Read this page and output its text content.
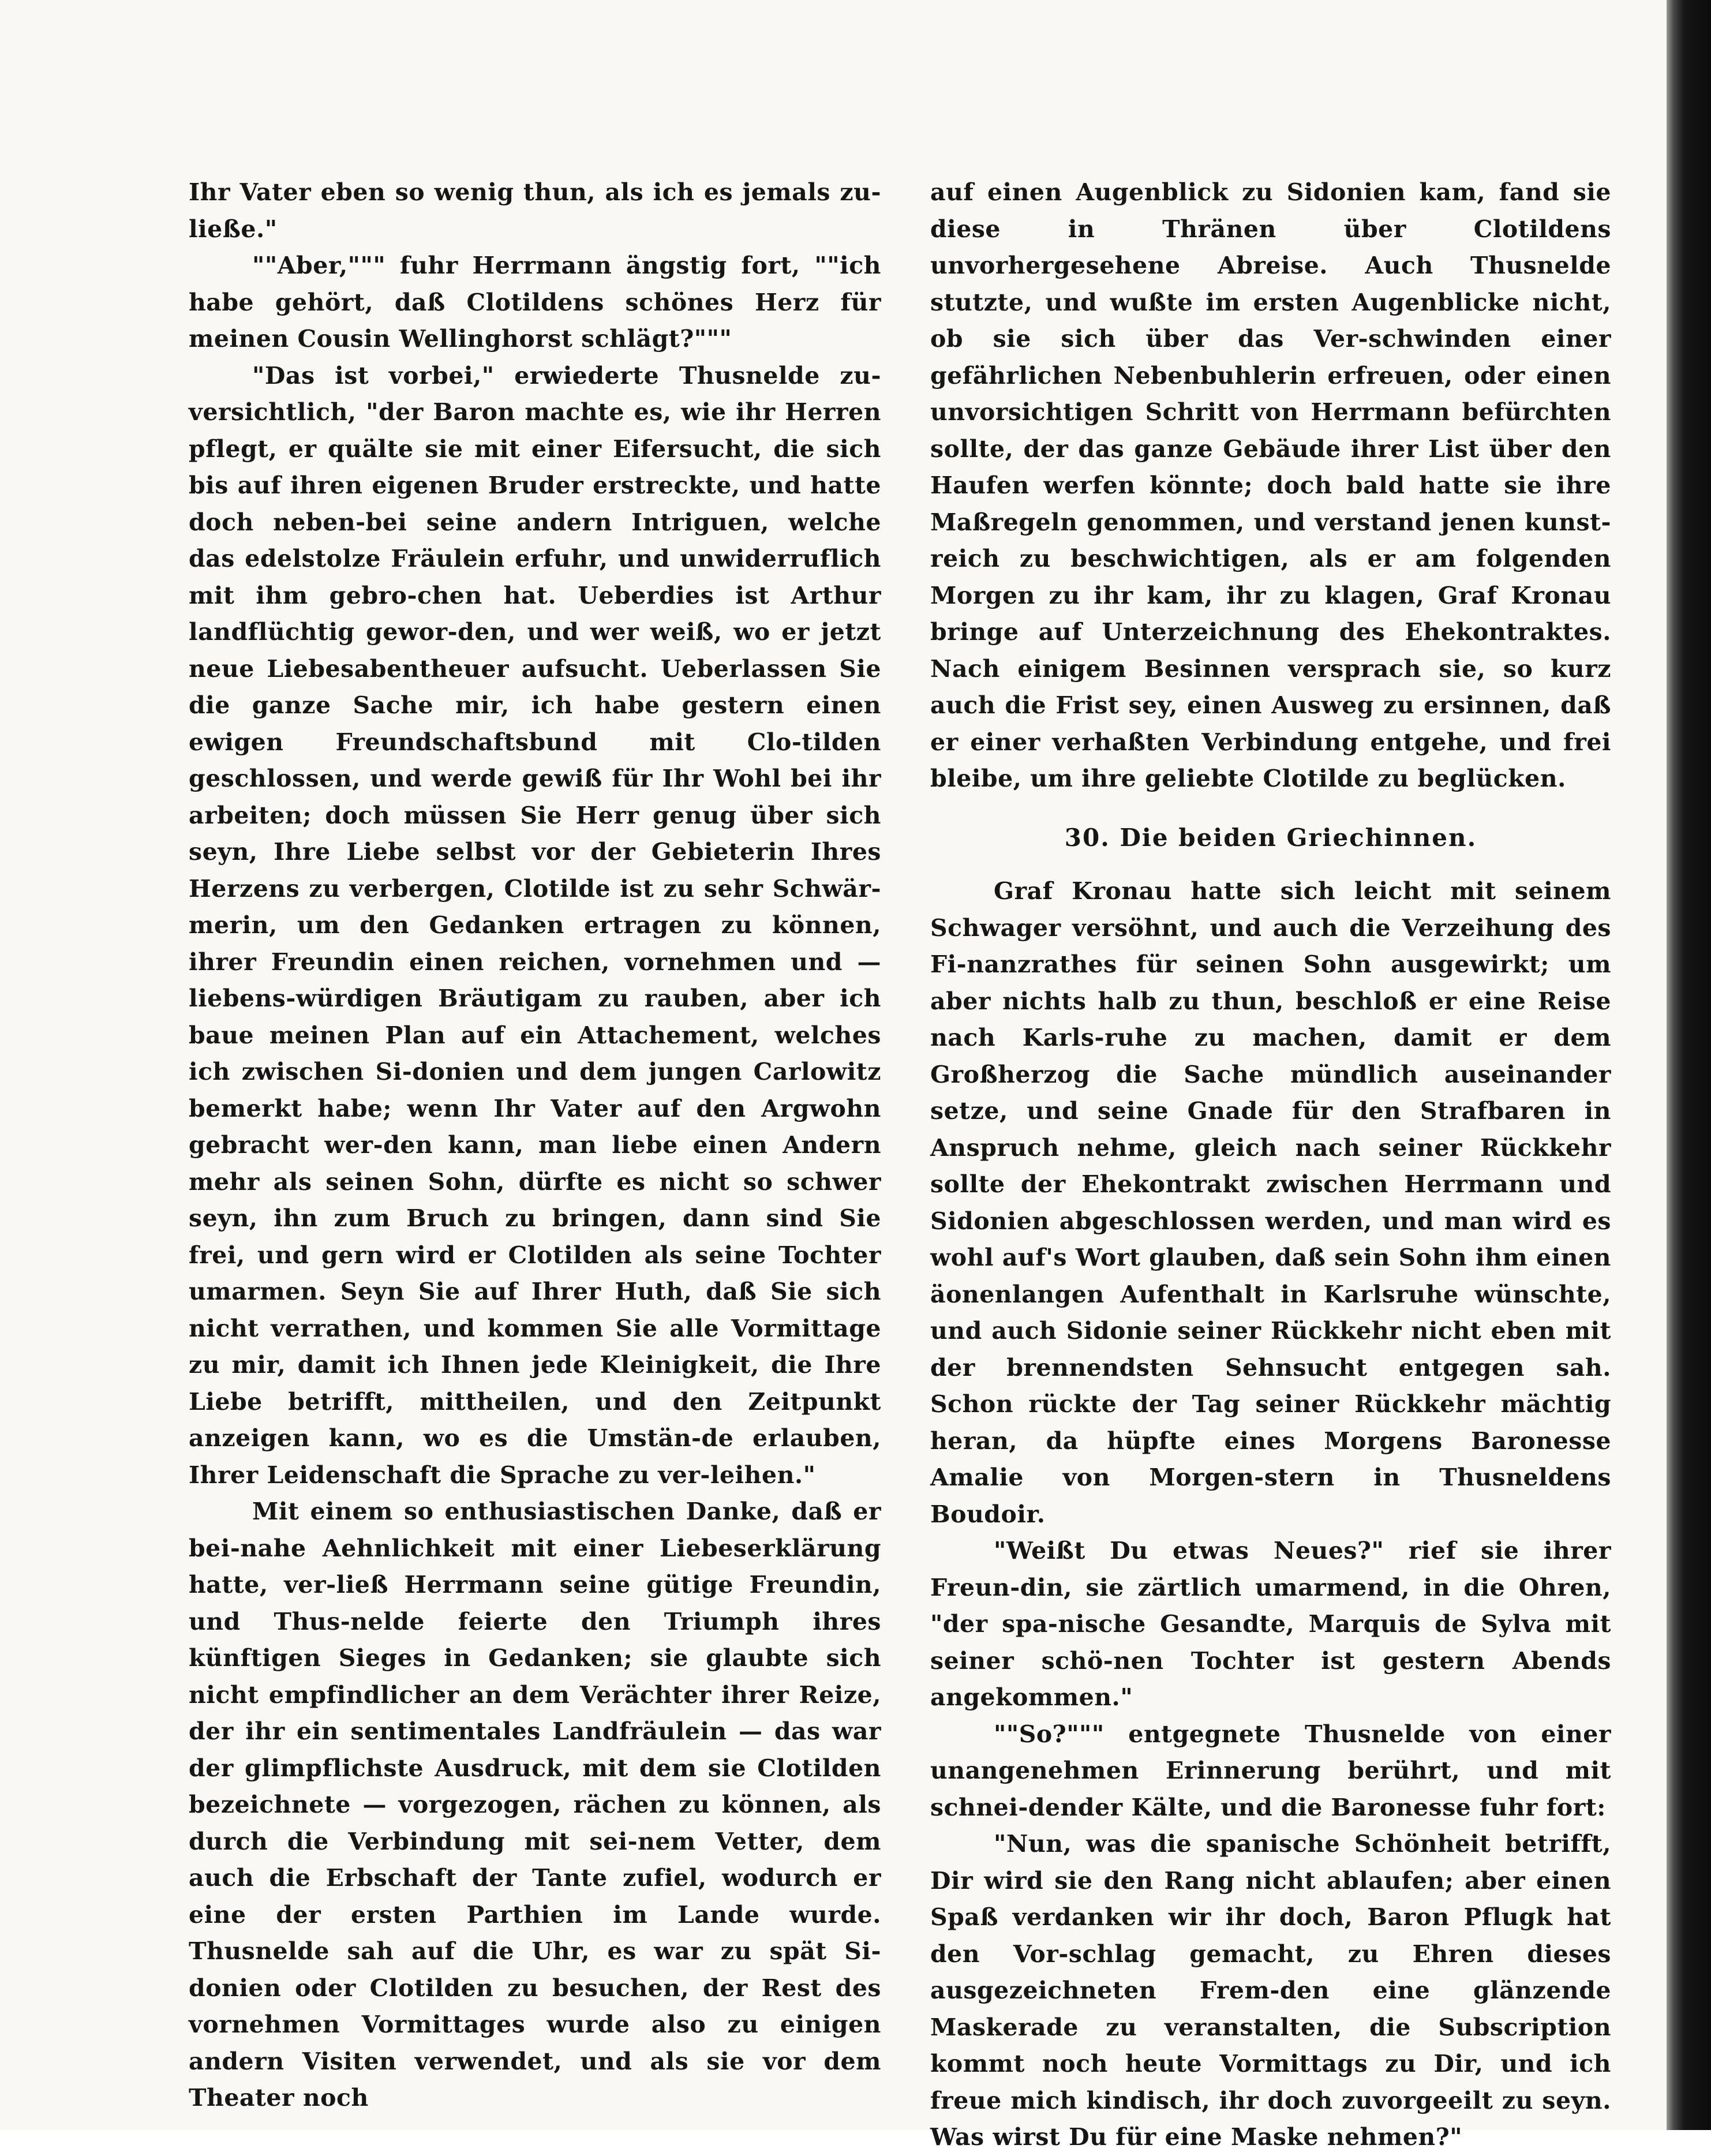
Ihr Vater eben so wenig thun, als ich es jemals zu-ließe."

""Aber,""" fuhr Herrmann ängstig fort, ""ich habe gehört, daß Clotildens schönes Herz für meinen Cousin Wellinghorst schlägt?"""

"Das ist vorbei," erwiederte Thusnelde zu-versichtlich, "der Baron machte es, wie ihr Herren pflegt, er quälte sie mit einer Eifersucht, die sich bis auf ihren eigenen Bruder erstreckte, und hatte doch neben-bei seine andern Intriguen, welche das edelstolze Fräulein erfuhr, und unwiderruflich mit ihm gebro-chen hat. Ueberdies ist Arthur landflüchtig gewor-den, und wer weiß, wo er jetzt neue Liebesabentheuer aufsucht. Ueberlassen Sie die ganze Sache mir, ich habe gestern einen ewigen Freundschaftsbund mit Clo-tilden geschlossen, und werde gewiß für Ihr Wohl bei ihr arbeiten; doch müssen Sie Herr genug über sich seyn, Ihre Liebe selbst vor der Gebieterin Ihres Herzens zu verbergen, Clotilde ist zu sehr Schwär-merin, um den Gedanken ertragen zu können, ihrer Freundin einen reichen, vornehmen und — liebens-würdigen Bräutigam zu rauben, aber ich baue meinen Plan auf ein Attachement, welches ich zwischen Si-donien und dem jungen Carlowitz bemerkt habe; wenn Ihr Vater auf den Argwohn gebracht wer-den kann, man liebe einen Andern mehr als seinen Sohn, dürfte es nicht so schwer seyn, ihn zum Bruch zu bringen, dann sind Sie frei, und gern wird er Clotilden als seine Tochter umarmen. Seyn Sie auf Ihrer Huth, daß Sie sich nicht verrathen, und kommen Sie alle Vormittage zu mir, damit ich Ihnen jede Kleinigkeit, die Ihre Liebe betrifft, mittheilen, und den Zeitpunkt anzeigen kann, wo es die Umstän-de erlauben, Ihrer Leidenschaft die Sprache zu ver-leihen."

Mit einem so enthusiastischen Danke, daß er bei-nahe Aehnlichkeit mit einer Liebeserklärung hatte, ver-ließ Herrmann seine gütige Freundin, und Thus-nelde feierte den Triumph ihres künftigen Sieges in Gedanken; sie glaubte sich nicht empfindlicher an dem Verächter ihrer Reize, der ihr ein sentimentales Landfräulein — das war der glimpflichste Ausdruck, mit dem sie Clotilden bezeichnete — vorgezogen, rächen zu können, als durch die Verbindung mit sei-nem Vetter, dem auch die Erbschaft der Tante zufiel, wodurch er eine der ersten Parthien im Lande wurde. Thusnelde sah auf die Uhr, es war zu spät Si-donien oder Clotilden zu besuchen, der Rest des vornehmen Vormittages wurde also zu einigen andern Visiten verwendet, und als sie vor dem Theater noch

auf einen Augenblick zu Sidonien kam, fand sie diese in Thränen über Clotildens unvorhergesehene Abreise. Auch Thusnelde stutzte, und wußte im ersten Augenblicke nicht, ob sie sich über das Ver-schwinden einer gefährlichen Nebenbuhlerin erfreuen, oder einen unvorsichtigen Schritt von Herrmann befürchten sollte, der das ganze Gebäude ihrer List über den Haufen werfen könnte; doch bald hatte sie ihre Maßregeln genommen, und verstand jenen kunst-reich zu beschwichtigen, als er am folgenden Morgen zu ihr kam, ihr zu klagen, Graf Kronau bringe auf Unterzeichnung des Ehekontraktes. Nach einigem Besinnen versprach sie, so kurz auch die Frist sey, einen Ausweg zu ersinnen, daß er einer verhaßten Verbindung entgehe, und frei bleibe, um ihre geliebte Clotilde zu beglücken.

30. Die beiden Griechinnen.

Graf Kronau hatte sich leicht mit seinem Schwager versöhnt, und auch die Verzeihung des Fi-nanzrathes für seinen Sohn ausgewirkt; um aber nichts halb zu thun, beschloß er eine Reise nach Karls-ruhe zu machen, damit er dem Großherzog die Sache mündlich auseinander setze, und seine Gnade für den Strafbaren in Anspruch nehme, gleich nach seiner Rückkehr sollte der Ehekontrakt zwischen Herrmann und Sidonien abgeschlossen werden, und man wird es wohl auf's Wort glauben, daß sein Sohn ihm einen äonenlangen Aufenthalt in Karlsruhe wünschte, und auch Sidonie seiner Rückkehr nicht eben mit der brennendsten Sehnsucht entgegen sah. Schon rückte der Tag seiner Rückkehr mächtig heran, da hüpfte eines Morgens Baronesse Amalie von Morgen-stern in Thusneldens Boudoir.

"Weißt Du etwas Neues?" rief sie ihrer Freun-din, sie zärtlich umarmend, in die Ohren, "der spa-nische Gesandte, Marquis de Sylva mit seiner schö-nen Tochter ist gestern Abends angekommen."

""So?""" entgegnete Thusnelde von einer unangenehmen Erinnerung berührt, und mit schnei-dender Kälte, und die Baronesse fuhr fort:

"Nun, was die spanische Schönheit betrifft, Dir wird sie den Rang nicht ablaufen; aber einen Spaß verdanken wir ihr doch, Baron Pflugk hat den Vor-schlag gemacht, zu Ehren dieses ausgezeichneten Frem-den eine glänzende Maskerade zu veranstalten, die Subscription kommt noch heute Vormittags zu Dir, und ich freue mich kindisch, ihr doch zuvorgeeilt zu seyn. Was wirst Du für eine Maske nehmen?"
